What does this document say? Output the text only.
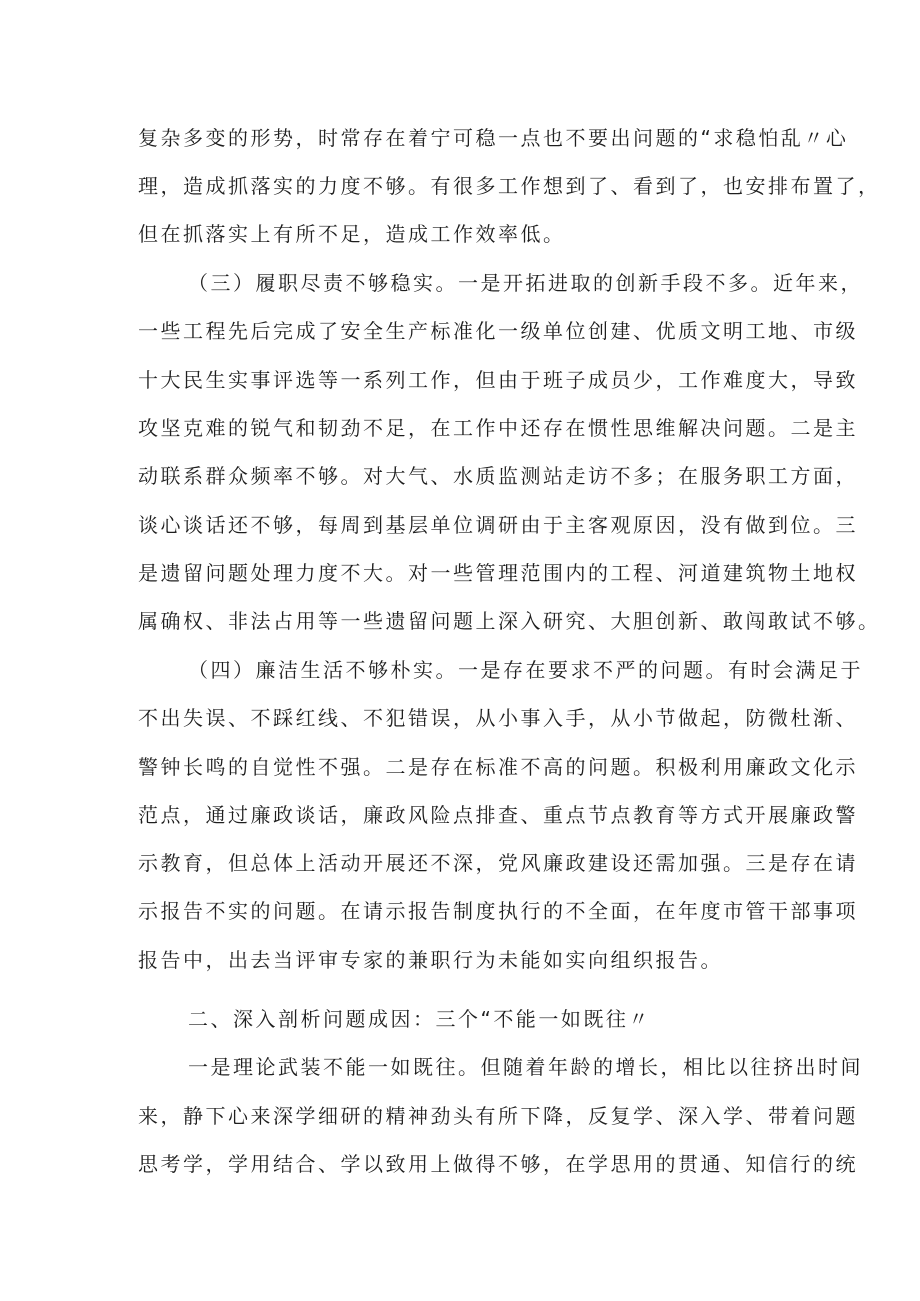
复杂多变的形势，时常存在着宁可稳一点也不要出问题的“求稳怕乱〃心
理，造成抓落实的力度不够。有很多工作想到了、看到了，也安排布置了，
但在抓落实上有所不足，造成工作效率低。
（三）履职尽责不够稳实。一是开拓进取的创新手段不多。近年来，
一些工程先后完成了安全生产标准化一级单位创建、优质文明工地、市级
十大民生实事评选等一系列工作，但由于班子成员少，工作难度大，导致
攻坚克难的锐气和韧劲不足，在工作中还存在惯性思维解决问题。二是主
动联系群众频率不够。对大气、水质监测站走访不多；在服务职工方面，
谈心谈话还不够，每周到基层单位调研由于主客观原因，没有做到位。三
是遗留问题处理力度不大。对一些管理范围内的工程、河道建筑物土地权
属确权、非法占用等一些遗留问题上深入研究、大胆创新、敢闯敢试不够。
（四）廉洁生活不够朴实。一是存在要求不严的问题。有时会满足于
不出失误、不踩红线、不犯错误，从小事入手，从小节做起，防微杜渐、
警钟长鸣的自觉性不强。二是存在标准不高的问题。积极利用廉政文化示
范点，通过廉政谈话，廉政风险点排查、重点节点教育等方式开展廉政警
示教育，但总体上活动开展还不深，党风廉政建设还需加强。三是存在请
示报告不实的问题。在请示报告制度执行的不全面，在年度市管干部事项
报告中，出去当评审专家的兼职行为未能如实向组织报告。
二、深入剖析问题成因：三个“不能一如既往〃
一是理论武装不能一如既往。但随着年龄的增长，相比以往挤出时间
来，静下心来深学细研的精神劲头有所下降，反复学、深入学、带着问题
思考学，学用结合、学以致用上做得不够，在学思用的贯通、知信行的统
